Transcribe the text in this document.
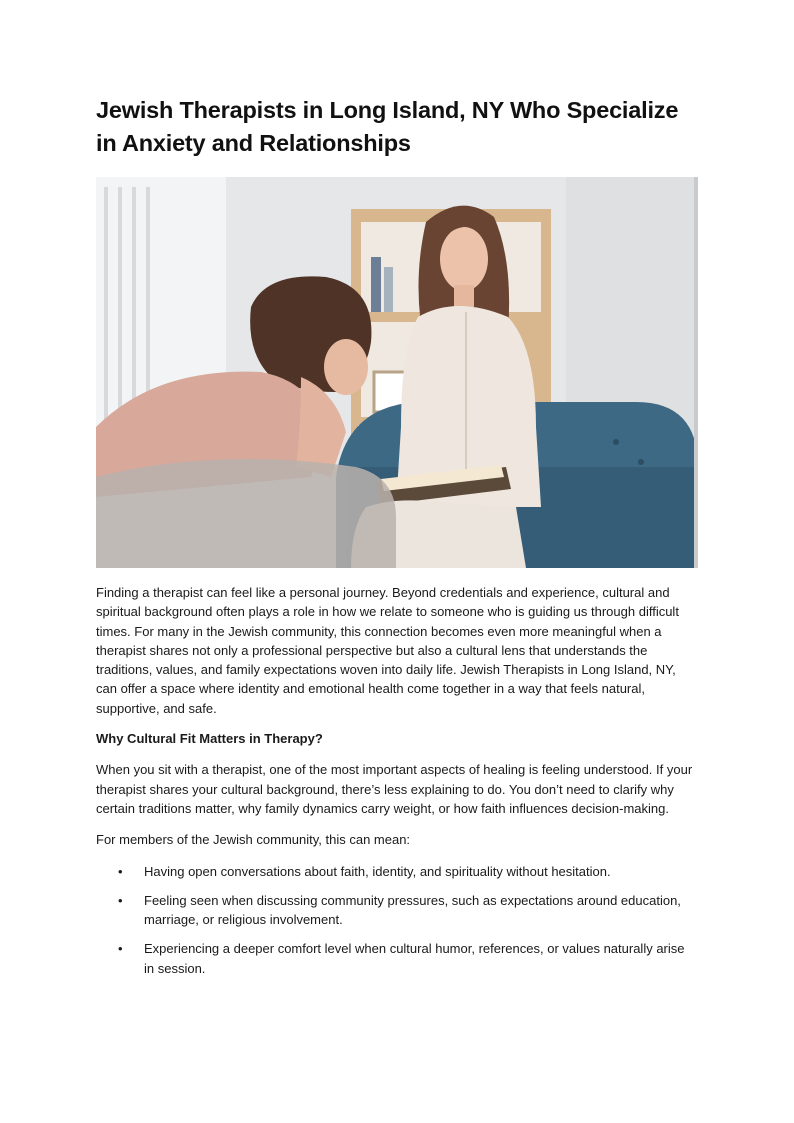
Jewish Therapists in Long Island, NY Who Specialize in Anxiety and Relationships

Finding a therapist can feel like a personal journey. Beyond credentials and experience, cultural and spiritual background often plays a role in how we relate to someone who is guiding us through difficult times. For many in the Jewish community, this connection becomes even more meaningful when a therapist shares not only a professional perspective but also a cultural lens that understands the traditions, values, and family expectations woven into daily life. Jewish Therapists in Long Island, NY, can offer a space where identity and emotional health come together in a way that feels natural, supportive, and safe.

Why Cultural Fit Matters in Therapy?

When you sit with a therapist, one of the most important aspects of healing is feeling understood. If your therapist shares your cultural background, there’s less explaining to do. You don’t need to clarify why certain traditions matter, why family dynamics carry weight, or how faith influences decision-making.

For members of the Jewish community, this can mean:

• Having open conversations about faith, identity, and spirituality without hesitation.
• Feeling seen when discussing community pressures, such as expectations around education, marriage, or religious involvement.
• Experiencing a deeper comfort level when cultural humor, references, or values naturally arise in session.
